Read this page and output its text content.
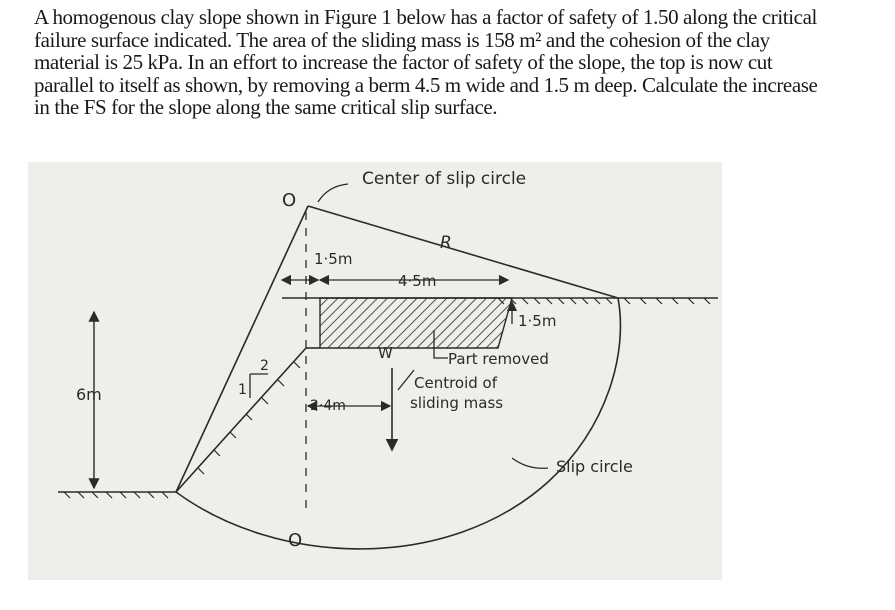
A homogenous clay slope shown in Figure 1 below has a factor of safety of 1.50 along the critical
failure surface indicated. The area of the sliding mass is 158 m² and the cohesion of the clay
material is 25 kPa. In an effort to increase the factor of safety of the slope, the top is now cut
parallel to itself as shown, by removing a berm 4.5 m wide and 1.5 m deep. Calculate the increase
in the FS for the slope along the same critical slip surface.
O
O
Center of slip circle
R
1·5m
4·5m
1·5m
W	Part removed
Centroid of
sliding mass
2·4m
2
1
6m
Slip circle
